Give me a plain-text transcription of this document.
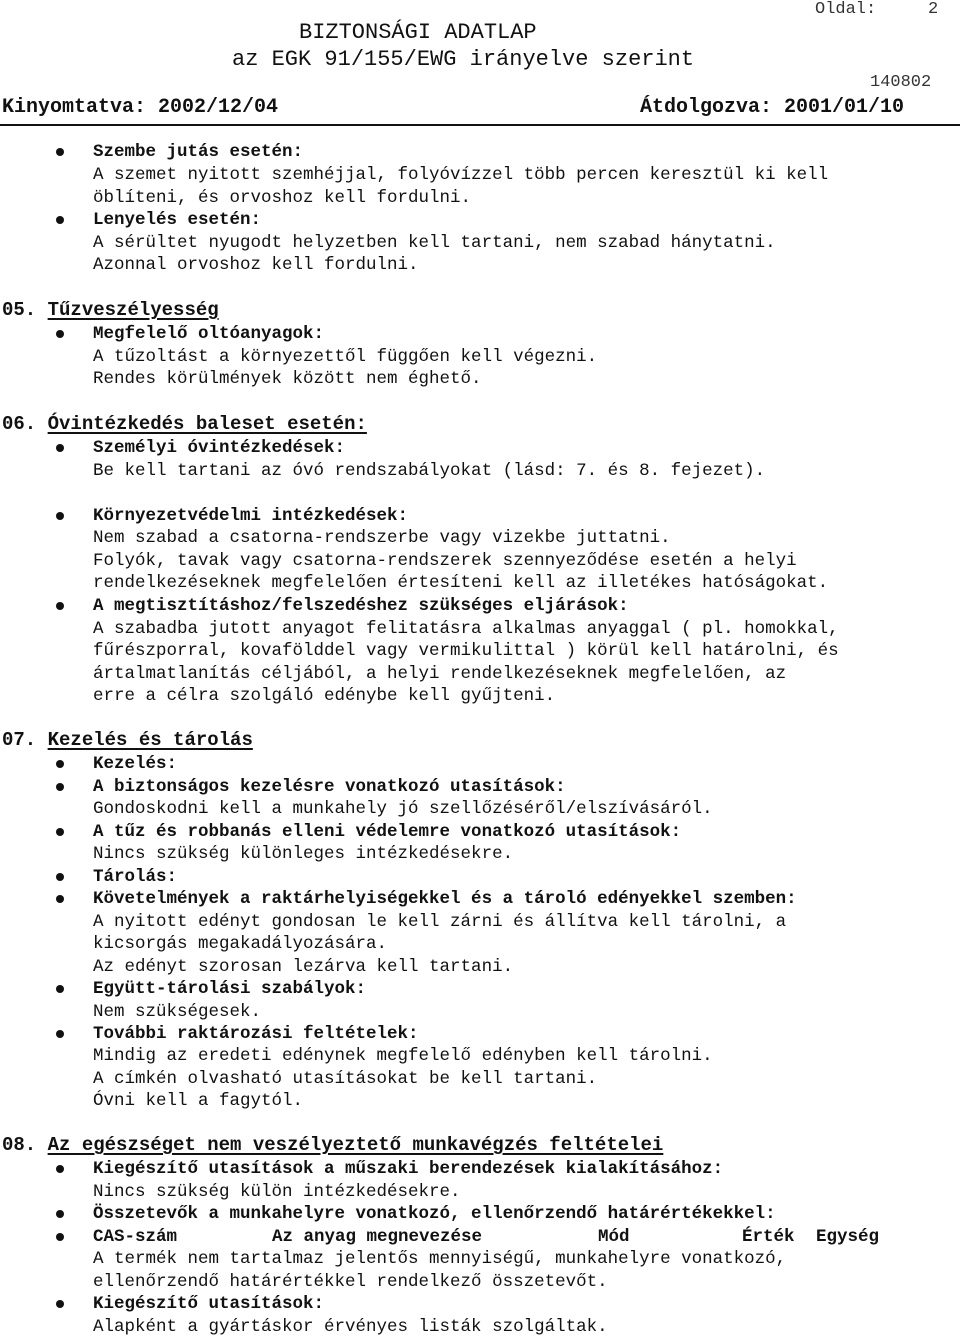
BIZTONSÁGI ADATLAP
az EGK 91/155/EWG irányelve szerint
Oldal:	2
140802
Kinyomtatva: 2002/12/04	Átdolgozva: 2001/01/10
Szembe jutás esetén:
A szemet nyitott szemhéjjal, folyóvízzel több percen keresztül ki kell
öblíteni, és orvoshoz kell fordulni.
Lenyelés esetén:
A sérültet nyugodt helyzetben kell tartani, nem szabad hánytatni.
Azonnal orvoshoz kell fordulni.
05. Tűzveszélyesség
Megfelelő oltóanyagok:
A tűzoltást a környezettől függően kell végezni.
Rendes körülmények között nem éghető.
06. Óvintézkedés baleset esetén:
Személyi óvintézkedések:
Be kell tartani az óvó rendszabályokat (lásd: 7. és 8. fejezet).
Környezetvédelmi intézkedések:
Nem szabad a csatorna-rendszerbe vagy vizekbe juttatni.
Folyók, tavak vagy csatorna-rendszerek szennyeződése esetén a helyi
rendelkezéseknek megfelelően értesíteni kell az illetékes hatóságokat.
A megtisztításhoz/felszedéshez szükséges eljárások:
A szabadba jutott anyagot felitatásra alkalmas anyaggal ( pl. homokkal,
fűrészporral, kovafölddel vagy vermikulittal ) körül kell határolni, és
ártalmatlanítás céljából, a helyi rendelkezéseknek megfelelően, az
erre a célra szolgáló edénybe kell gyűjteni.
07. Kezelés és tárolás
Kezelés:
A biztonságos kezelésre vonatkozó utasítások:
Gondoskodni kell a munkahely jó szellőzéséről/elszívásáról.
A tűz és robbanás elleni védelemre vonatkozó utasítások:
Nincs szükség különleges intézkedésekre.
Tárolás:
Követelmények a raktárhelyiségekkel és a tároló edényekkel szemben:
A nyitott edényt gondosan le kell zárni és állítva kell tárolni, a
kicsorgás megakadályozására.
Az edényt szorosan lezárva kell tartani.
Együtt-tárolási szabályok:
Nem szükségesek.
További raktározási feltételek:
Mindig az eredeti edénynek megfelelő edényben kell tárolni.
A címkén olvasható utasításokat be kell tartani.
Óvni kell a fagytól.
08. Az egészséget nem veszélyeztető munkavégzés feltételei
Kiegészítő utasítások a műszaki berendezések kialakításához:
Nincs szükség külön intézkedésekre.
Összetevők a munkahelyre vonatkozó, ellenőrzendő határértékekkel:
CAS-szám	Az anyag megnevezése	Mód	Érték Egység
A termék nem tartalmaz jelentős mennyiségű, munkahelyre vonatkozó,
ellenőrzendő határértékkel rendelkező összetevőt.
Kiegészítő utasítások:
Alapként a gyártáskor érvényes listák szolgáltak.
